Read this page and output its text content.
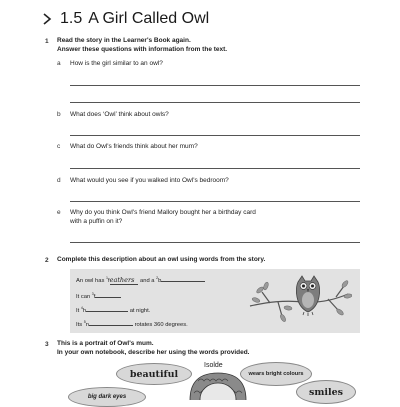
1.5 A Girl Called Owl
1 Read the story in the Learner's Book again.
Answer these questions with information from the text.
a How is the girl similar to an owl?
b What does ‘Owl’ think about owls?
c What do Owl's friends think about her mum?
d What would you see if you walked into Owl's bedroom?
e Why do you think Owl's friend Mallory bought her a birthday card
with a puffin on it?
2 Complete this description about an owl using words from the story.
An owl has $^1$feathers and a $^2$b
It can $^3$f
It $^4$h	at night.
Its $^5$n	rotates 360 degrees.
3 This is a portrait of Owl's mum.
In your own notebook, describe her using the words provided.
Isolde
beautiful	wears bright colours
smiles
big dark eyes
